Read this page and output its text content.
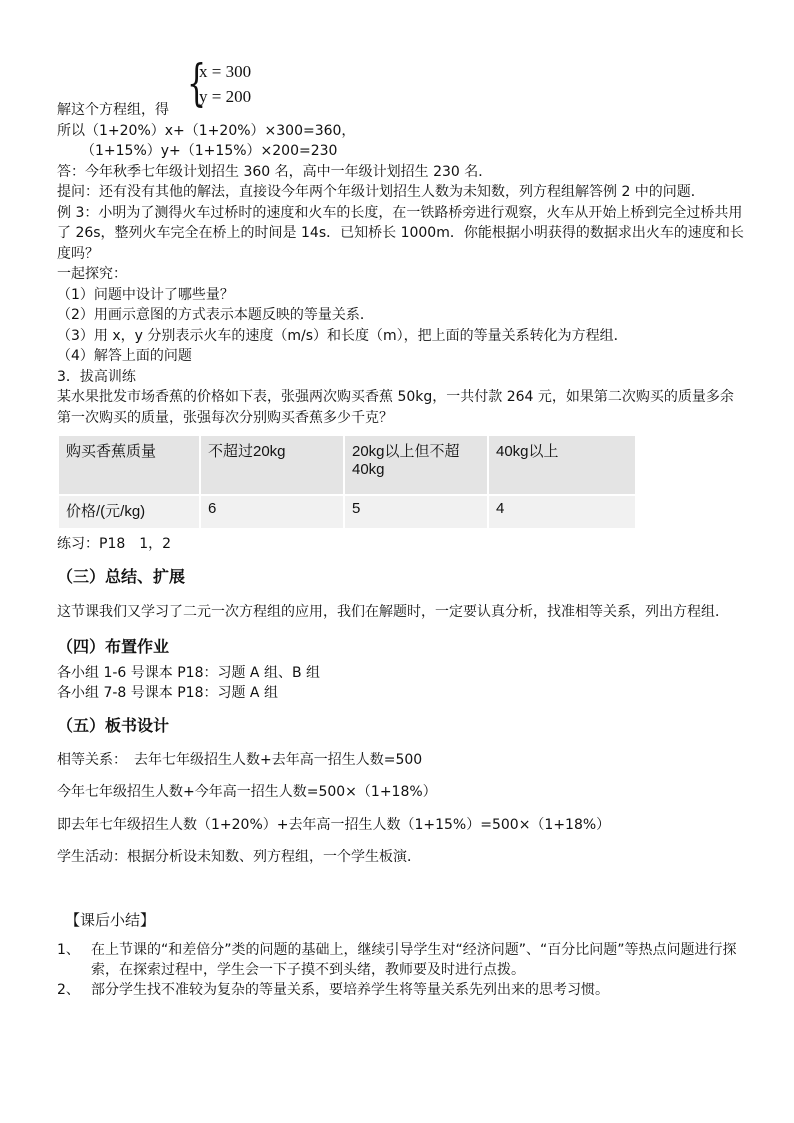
{
x = 300
y = 200
解这个方程组，得
所以（1+20%）x+（1+20%）×300=360，
（1+15%）y+（1+15%）×200=230
答：今年秋季七年级计划招生 360 名，高中一年级计划招生 230 名．
提问：还有没有其他的解法，直接设今年两个年级计划招生人数为未知数，列方程组解答例 2 中的问题．
例 3：小明为了测得火车过桥时的速度和火车的长度，在一铁路桥旁进行观察，火车从开始上桥到完全过桥共用了 26s，整列火车完全在桥上的时间是 14s．已知桥长 1000m．你能根据小明获得的数据求出火车的速度和长度吗？
一起探究：
（1）问题中设计了哪些量？
（2）用画示意图的方式表示本题反映的等量关系．
（3）用 x，y 分别表示火车的速度（m/s）和长度（m），把上面的等量关系转化为方程组．
（4）解答上面的问题
3．拔高训练
某水果批发市场香蕉的价格如下表，张强两次购买香蕉 50kg，一共付款 264 元，如果第二次购买的质量多余第一次购买的质量，张强每次分别购买香蕉多少千克？
购买香蕉质量	不超过20kg	20kg以上但不超40kg	40kg以上
价格/(元/kg)	6	5	4
练习：P18　1，2
（三）总结、扩展
这节课我们又学习了二元一次方程组的应用，我们在解题时，一定要认真分析，找准相等关系，列出方程组．
（四）布置作业
各小组 1-6 号课本 P18：习题 A 组、B 组
各小组 7-8 号课本 P18：习题 A 组
（五）板书设计
相等关系：　去年七年级招生人数+去年高一招生人数=500
今年七年级招生人数+今年高一招生人数=500×（1+18%）
即去年七年级招生人数（1+20%）+去年高一招生人数（1+15%）=500×（1+18%）
学生活动：根据分析设未知数、列方程组，一个学生板演．
【课后小结】
1、 在上节课的“和差倍分”类的问题的基础上，继续引导学生对“经济问题”、“百分比问题”等热点问题进行探索，在探索过程中，学生会一下子摸不到头绪，教师要及时进行点拨。
2、 部分学生找不准较为复杂的等量关系，要培养学生将等量关系先列出来的思考习惯。
